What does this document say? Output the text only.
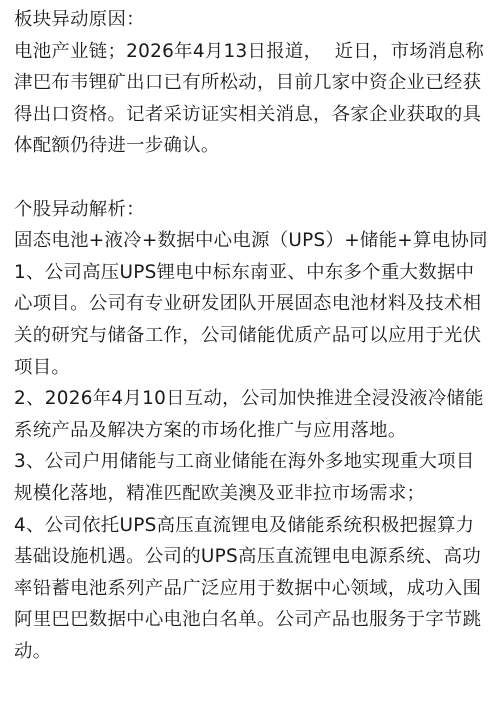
板块异动原因：

电池产业链；2026年4月13日报道，  近日，市场消息称津巴布韦锂矿出口已有所松动，目前几家中资企业已经获得出口资格。记者采访证实相关消息，各家企业获取的具体配额仍待进一步确认。

个股异动解析：

固态电池+液冷+数据中心电源（UPS）+储能+算电协同

1、公司高压UPS锂电中标东南亚、中东多个重大数据中心项目。公司有专业研发团队开展固态电池材料及技术相关的研究与储备工作，公司储能优质产品可以应用于光伏项目。

2、2026年4月10日互动，公司加快推进全浸没液冷储能系统产品及解决方案的市场化推广与应用落地。

3、公司户用储能与工商业储能在海外多地实现重大项目规模化落地，精准匹配欧美澳及亚非拉市场需求；

4、公司依托UPS高压直流锂电及储能系统积极把握算力基础设施机遇。公司的UPS高压直流锂电电源系统、高功率铅蓄电池系列产品广泛应用于数据中心领域，成功入围阿里巴巴数据中心电池白名单。公司产品也服务于字节跳动。
